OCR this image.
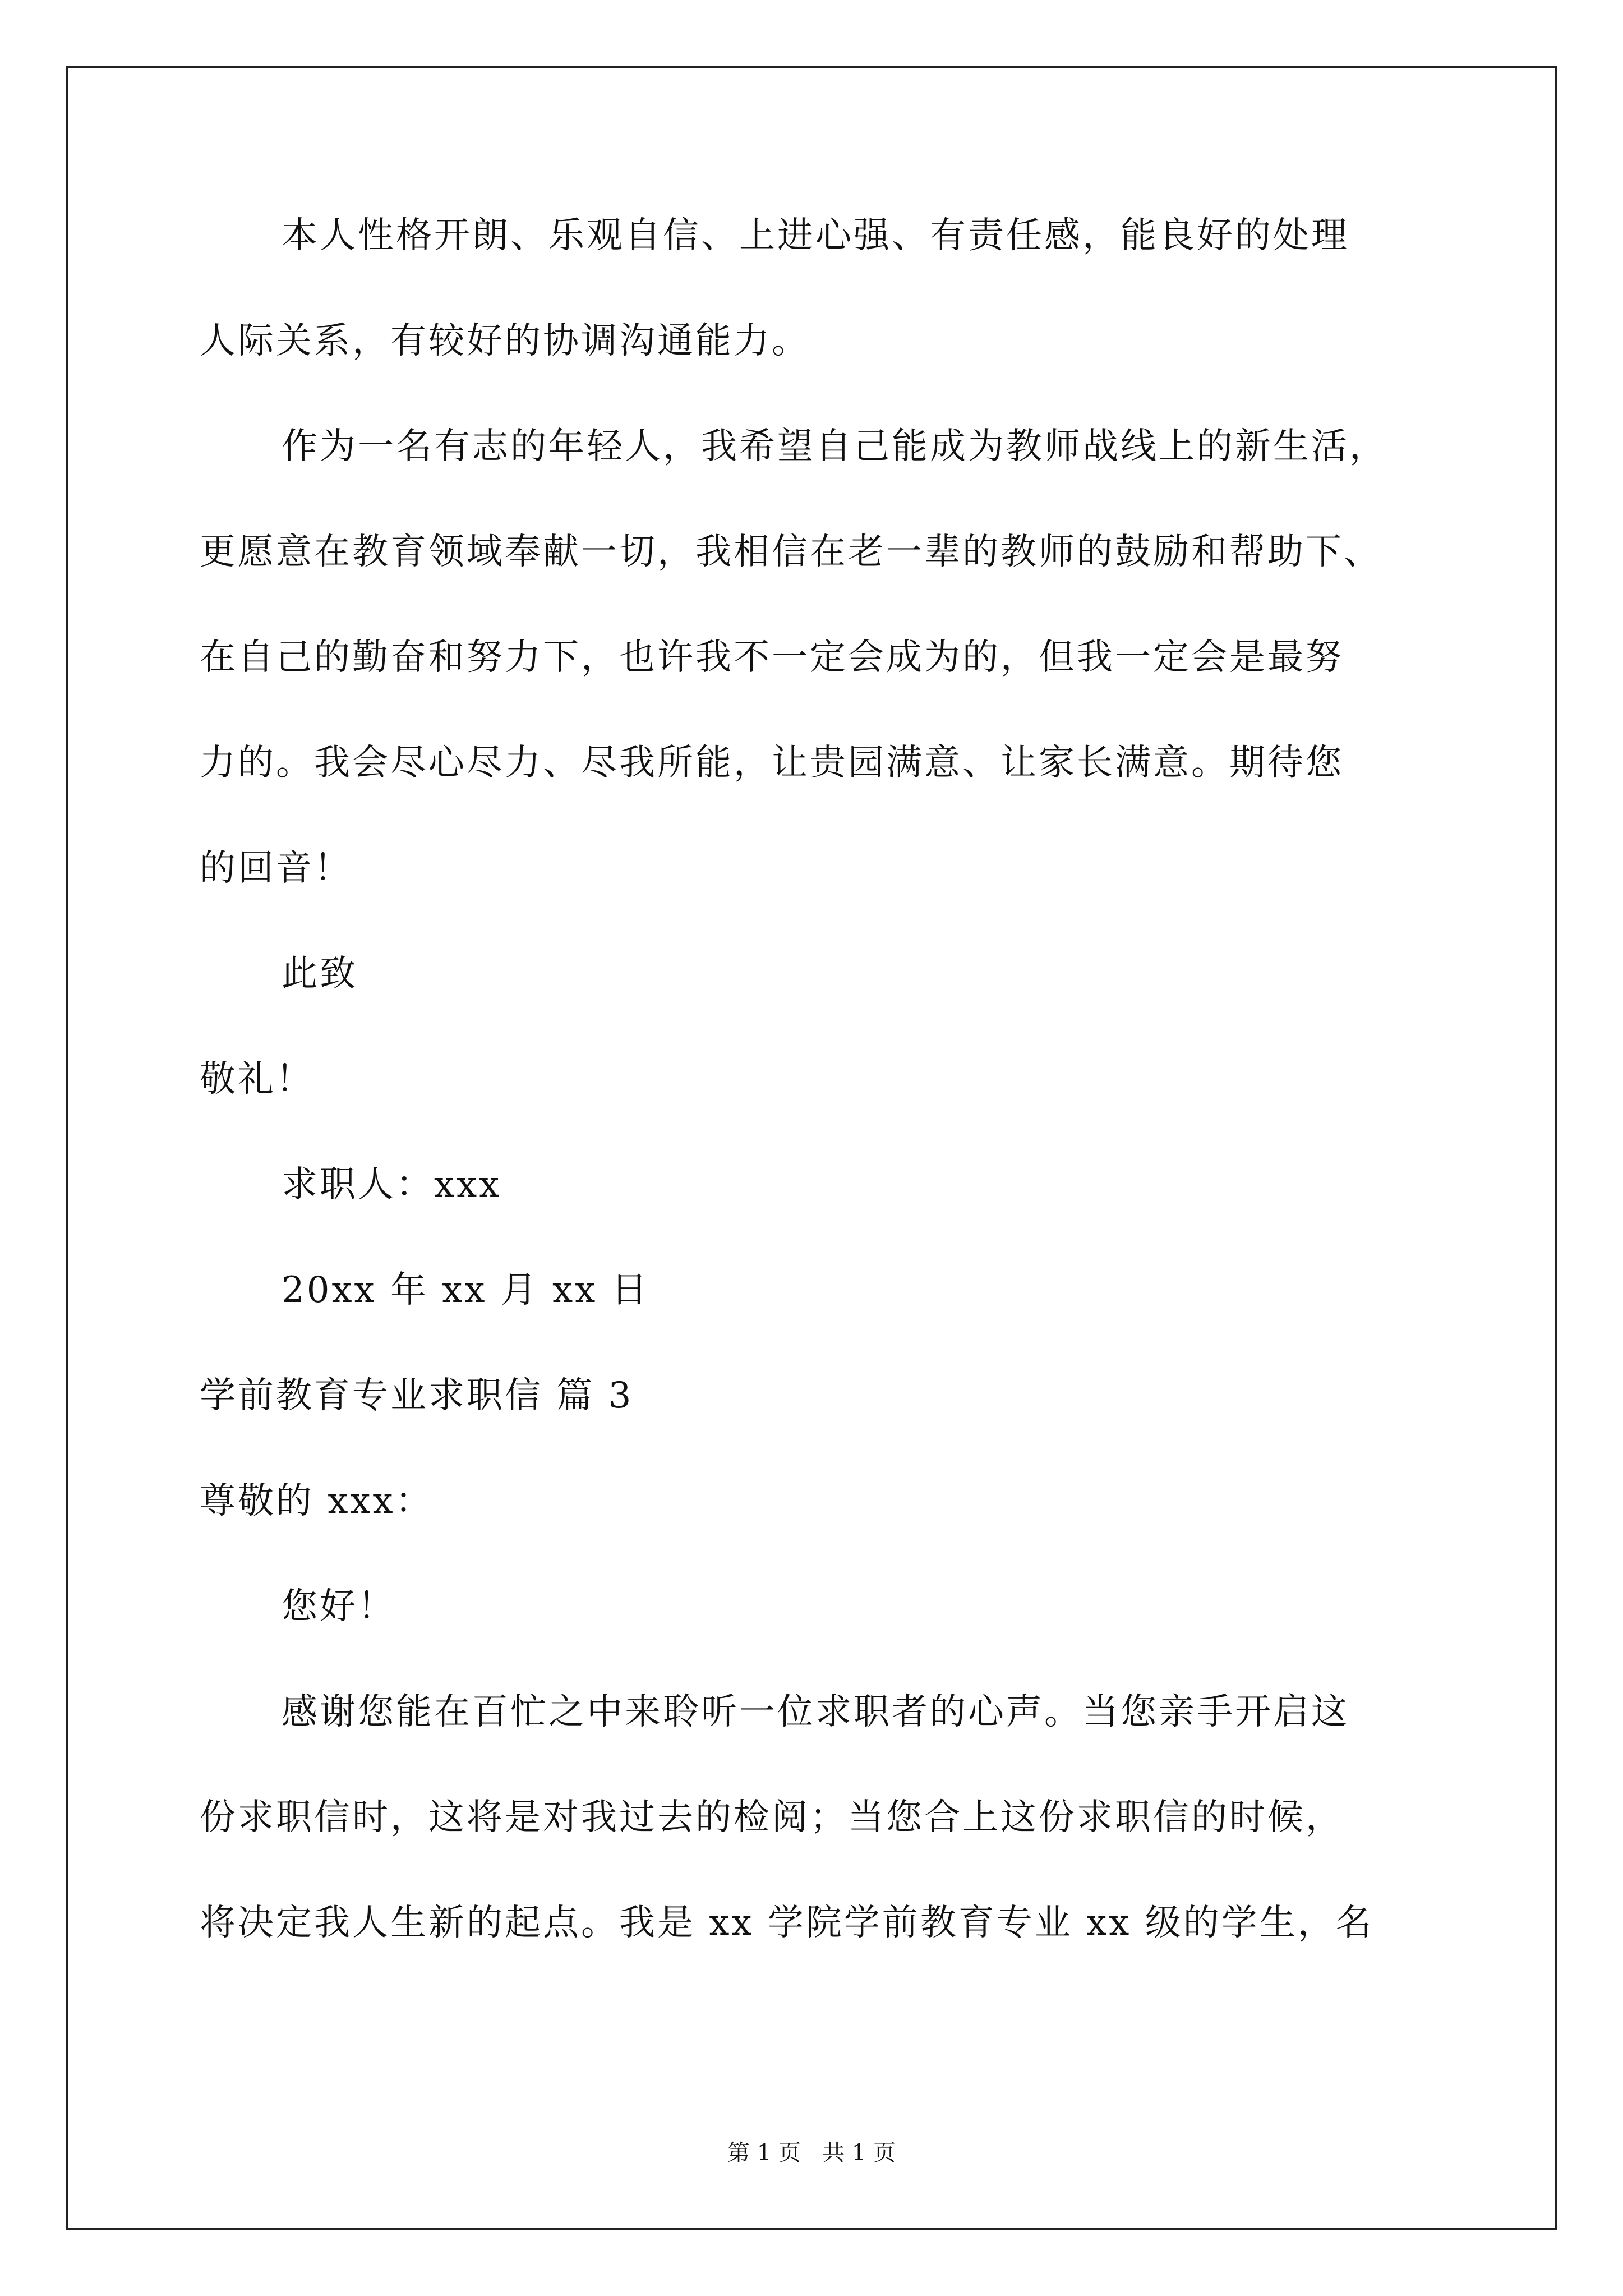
本人性格开朗、乐观自信、上进心强、有责任感，能良好的处理
人际关系，有较好的协调沟通能力。
作为一名有志的年轻人，我希望自己能成为教师战线上的新生活，
更愿意在教育领域奉献一切，我相信在老一辈的教师的鼓励和帮助下、
在自己的勤奋和努力下，也许我不一定会成为的，但我一定会是最努
力的。我会尽心尽力、尽我所能，让贵园满意、让家长满意。期待您
的回音！
此致
敬礼！
求职人：xxx
20xx 年 xx 月 xx 日
学前教育专业求职信 篇 3
尊敬的 xxx：
您好！
感谢您能在百忙之中来聆听一位求职者的心声。当您亲手开启这
份求职信时，这将是对我过去的检阅；当您合上这份求职信的时候，
将决定我人生新的起点。我是 xx 学院学前教育专业 xx 级的学生，名
第 1 页   共 1 页
